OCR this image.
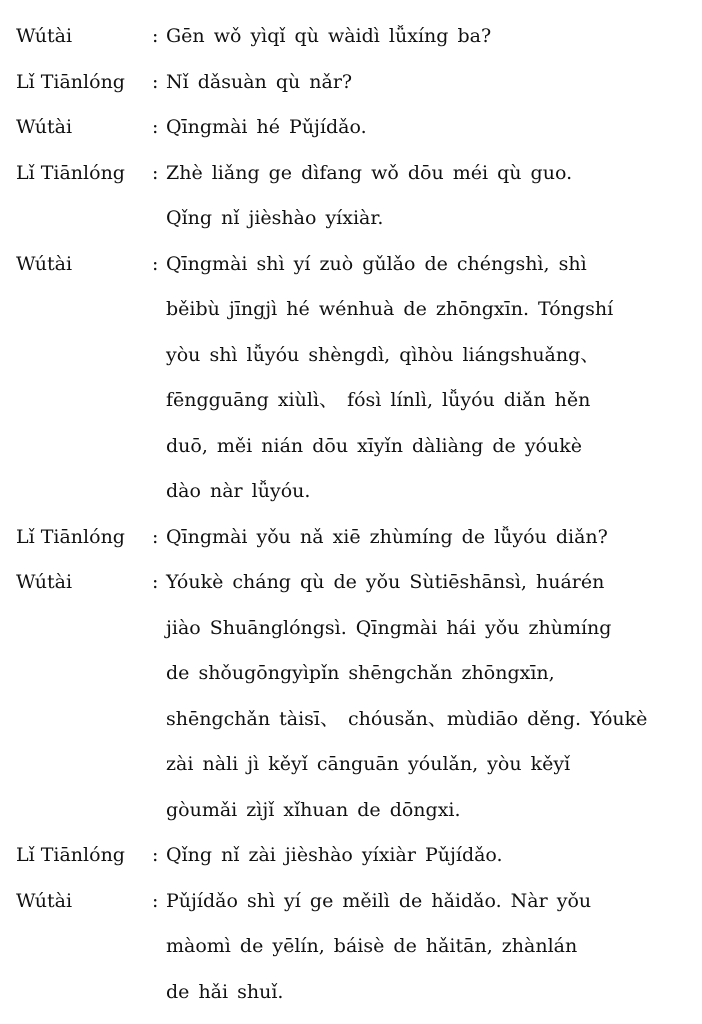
Wútài	: Gēn wǒ yìqǐ qù wàidì lǚxíng ba?
Lǐ Tiānlóng	: Nǐ dǎsuàn qù nǎr?
Wútài	: Qīngmài hé Pǔjídǎo.
Lǐ Tiānlóng	: Zhè liǎng ge dìfang wǒ dōu méi qù guo.
Qǐng nǐ jièshào yíxiàr.
Wútài	: Qīngmài shì yí zuò gǔlǎo de chéngshì, shì
běibù jīngjì hé wénhuà de zhōngxīn. Tóngshí
yòu shì lǚyóu shèngdì, qìhòu liángshuǎng、
fēngguāng xiùlì、 fósì línlì, lǚyóu diǎn hěn
duō, měi nián dōu xīyǐn dàliàng de yóukè
dào nàr lǚyóu.
Lǐ Tiānlóng	: Qīngmài yǒu nǎ xiē zhùmíng de lǚyóu diǎn?
Wútài	: Yóukè cháng qù de yǒu Sùtiēshānsì, huárén
jiào Shuānglóngsì. Qīngmài hái yǒu zhùmíng
de shǒugōngyìpǐn shēngchǎn zhōngxīn,
shēngchǎn tàisī、 chóusǎn、mùdiāo děng. Yóukè
zài nàli jì kěyǐ cānguān yóulǎn, yòu kěyǐ
gòumǎi zìjǐ xǐhuan de dōngxi.
Lǐ Tiānlóng	: Qǐng nǐ zài jièshào yíxiàr Pǔjídǎo.
Wútài	: Pǔjídǎo shì yí ge měilì de hǎidǎo. Nàr yǒu
màomì de yēlín, báisè de hǎitān, zhànlán
de hǎi shuǐ.
